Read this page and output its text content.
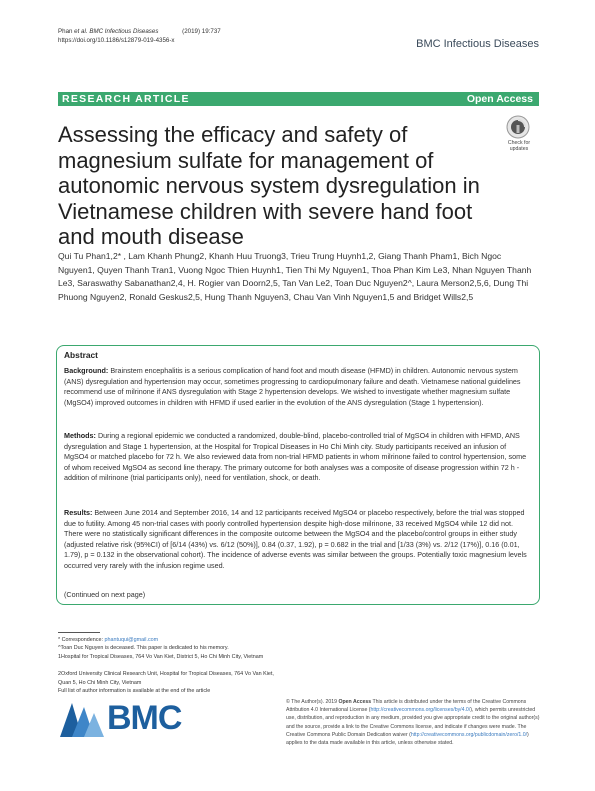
Phan et al. BMC Infectious Diseases	(2019) 19:737
https://doi.org/10.1186/s12879-019-4356-x	BMC Infectious Diseases
RESEARCH ARTICLE	Open Access
Check for
updates
Assessing the efficacy and safety of magnesium sulfate for management of autonomic nervous system dysregulation in Vietnamese children with severe hand foot and mouth disease
Qui Tu Phan1,2* , Lam Khanh Phung2, Khanh Huu Truong3, Trieu Trung Huynh1,2, Giang Thanh Pham1, Bich Ngoc Nguyen1, Quyen Thanh Tran1, Vuong Ngoc Thien Huynh1, Tien Thi My Nguyen1, Thoa Phan Kim Le3, Nhan Nguyen Thanh Le3, Saraswathy Sabanathan2,4, H. Rogier van Doorn2,5, Tan Van Le2, Toan Duc Nguyen2^, Laura Merson2,5,6, Dung Thi Phuong Nguyen2, Ronald Geskus2,5, Hung Thanh Nguyen3, Chau Van Vinh Nguyen1,5 and Bridget Wills2,5
Abstract
Background: Brainstem encephalitis is a serious complication of hand foot and mouth disease (HFMD) in children. Autonomic nervous system (ANS) dysregulation and hypertension may occur, sometimes progressing to cardiopulmonary failure and death. Vietnamese national guidelines recommend use of milrinone if ANS dysregulation with Stage 2 hypertension develops. We wished to investigate whether magnesium sulfate (MgSO4) improved outcomes in children with HFMD if used earlier in the evolution of the ANS dysregulation (Stage 1 hypertension).
Methods: During a regional epidemic we conducted a randomized, double-blind, placebo-controlled trial of MgSO4 in children with HFMD, ANS dysregulation and Stage 1 hypertension, at the Hospital for Tropical Diseases in Ho Chi Minh city. Study participants received an infusion of MgSO4 or matched placebo for 72 h. We also reviewed data from non-trial HFMD patients in whom milrinone failed to control hypertension, some of whom received MgSO4 as second line therapy. The primary outcome for both analyses was a composite of disease progression within 72 h - addition of milrinone (trial participants only), need for ventilation, shock, or death.
Results: Between June 2014 and September 2016, 14 and 12 participants received MgSO4 or placebo respectively, before the trial was stopped due to futility. Among 45 non-trial cases with poorly controlled hypertension despite high-dose milrinone, 33 received MgSO4 while 12 did not. There were no statistically significant differences in the composite outcome between the MgSO4 and the placebo/control groups in either study (adjusted relative risk (95%CI) of [6/14 (43%) vs. 6/12 (50%)], 0.84 (0.37, 1.92), p = 0.682 in the trial and [1/33 (3%) vs. 2/12 (17%)], 0.16 (0.01, 1.79), p = 0.132 in the observational cohort). The incidence of adverse events was similar between the groups. Potentially toxic magnesium levels occurred very rarely with the infusion regime used.
(Continued on next page)
* Correspondence: phantuqui@gmail.com
^Toan Duc Nguyen is deceased. This paper is dedicated to his memory.
1Hospital for Tropical Diseases, 764 Vo Van Kiet, District 5, Ho Chi Minh City, Vietnam
2Oxford University Clinical Research Unit, Hospital for Tropical Diseases, 764 Vo Van Kiet, Quan 5, Ho Chi Minh City, Vietnam
Full list of author information is available at the end of the article
BMC	© The Author(s). 2019 Open Access This article is distributed under the terms of the Creative Commons Attribution 4.0 International License (http://creativecommons.org/licenses/by/4.0/), which permits unrestricted use, distribution, and reproduction in any medium, provided you give appropriate credit to the original author(s) and the source, provide a link to the Creative Commons license, and indicate if changes were made. The Creative Commons Public Domain Dedication waiver (http://creativecommons.org/publicdomain/zero/1.0/) applies to the data made available in this article, unless otherwise stated.
